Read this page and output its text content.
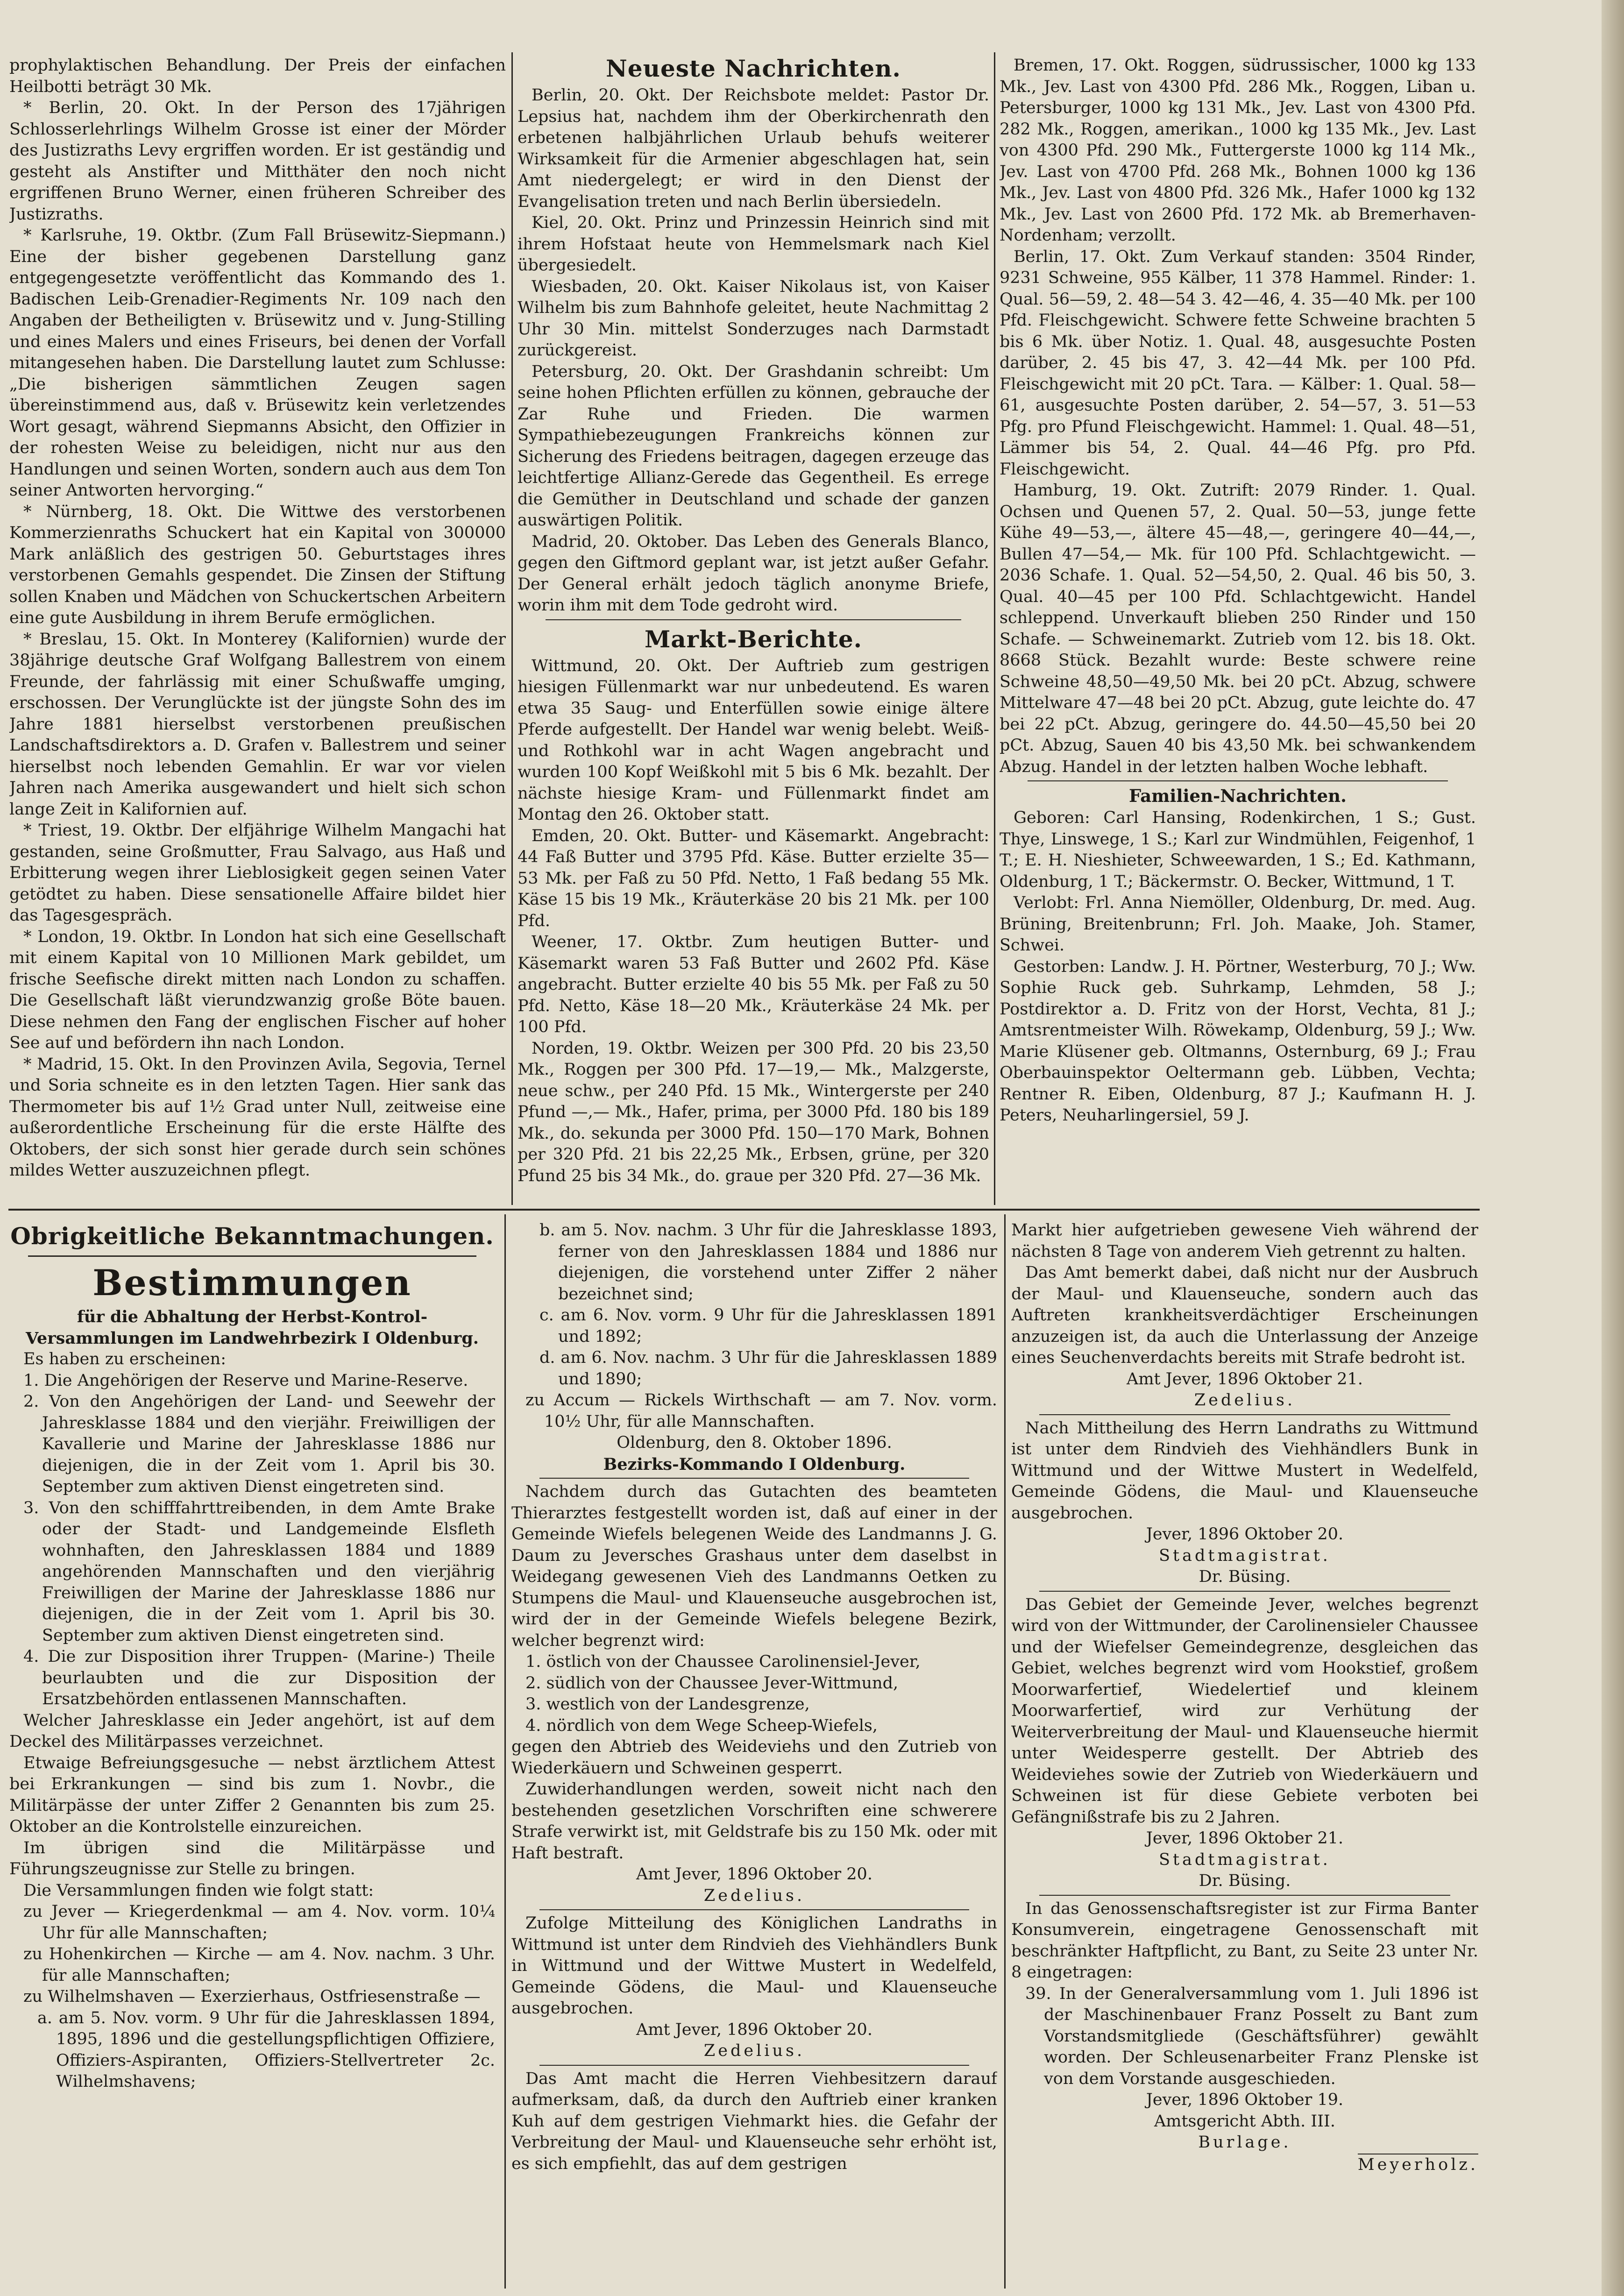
prophylaktischen Behandlung. Der Preis der einfachen Heilbotti beträgt 30 Mk.

* Berlin, 20. Okt. In der Person des 17jährigen Schlosserlehrlings Wilhelm Grosse ist einer der Mörder des Justizraths Levy ergriffen worden. Er ist geständig und gesteht als Anstifter und Mitthäter den noch nicht ergriffenen Bruno Werner, einen früheren Schreiber des Justizraths.

* Karlsruhe, 19. Oktbr. (Zum Fall Brüsewitz-Siepmann.) Eine der bisher gegebenen Darstellung ganz entgegengesetzte veröffentlicht das Kommando des 1. Badischen Leib-Grenadier-Regiments Nr. 109 nach den Angaben der Betheiligten v. Brüsewitz und v. Jung-Stilling und eines Malers und eines Friseurs, bei denen der Vorfall mitangesehen haben. Die Darstellung lautet zum Schlusse: „Die bisherigen sämmtlichen Zeugen sagen übereinstimmend aus, daß v. Brüsewitz kein verletzendes Wort gesagt, während Siepmanns Absicht, den Offizier in der rohesten Weise zu beleidigen, nicht nur aus den Handlungen und seinen Worten, sondern auch aus dem Ton seiner Antworten hervorging.“

* Nürnberg, 18. Okt. Die Wittwe des verstorbenen Kommerzienraths Schuckert hat ein Kapital von 300000 Mark anläßlich des gestrigen 50. Geburtstages ihres verstorbenen Gemahls gespendet. Die Zinsen der Stiftung sollen Knaben und Mädchen von Schuckertschen Arbeitern eine gute Ausbildung in ihrem Berufe ermöglichen.

* Breslau, 15. Okt. In Monterey (Kalifornien) wurde der 38jährige deutsche Graf Wolfgang Ballestrem von einem Freunde, der fahrlässig mit einer Schußwaffe umging, erschossen. Der Verunglückte ist der jüngste Sohn des im Jahre 1881 hierselbst verstorbenen preußischen Landschaftsdirektors a. D. Grafen v. Ballestrem und seiner hierselbst noch lebenden Gemahlin. Er war vor vielen Jahren nach Amerika ausgewandert und hielt sich schon lange Zeit in Kalifornien auf.

* Triest, 19. Oktbr. Der elfjährige Wilhelm Mangachi hat gestanden, seine Großmutter, Frau Salvago, aus Haß und Erbitterung wegen ihrer Lieblosigkeit gegen seinen Vater getödtet zu haben. Diese sensationelle Affaire bildet hier das Tagesgespräch.

* London, 19. Oktbr. In London hat sich eine Gesellschaft mit einem Kapital von 10 Millionen Mark gebildet, um frische Seefische direkt mitten nach London zu schaffen. Die Gesellschaft läßt vierundzwanzig große Böte bauen. Diese nehmen den Fang der englischen Fischer auf hoher See auf und befördern ihn nach London.

* Madrid, 15. Okt. In den Provinzen Avila, Segovia, Ternel und Soria schneite es in den letzten Tagen. Hier sank das Thermometer bis auf 1½ Grad unter Null, zeitweise eine außerordentliche Erscheinung für die erste Hälfte des Oktobers, der sich sonst hier gerade durch sein schönes mildes Wetter auszuzeichnen pflegt.

Neueste Nachrichten.

Berlin, 20. Okt. Der Reichsbote meldet: Pastor Dr. Lepsius hat, nachdem ihm der Oberkirchenrath den erbetenen halbjährlichen Urlaub behufs weiterer Wirksamkeit für die Armenier abgeschlagen hat, sein Amt niedergelegt; er wird in den Dienst der Evangelisation treten und nach Berlin übersiedeln.

Kiel, 20. Okt. Prinz und Prinzessin Heinrich sind mit ihrem Hofstaat heute von Hemmelsmark nach Kiel übergesiedelt.

Wiesbaden, 20. Okt. Kaiser Nikolaus ist, von Kaiser Wilhelm bis zum Bahnhofe geleitet, heute Nachmittag 2 Uhr 30 Min. mittelst Sonderzuges nach Darmstadt zurückgereist.

Petersburg, 20. Okt. Der Grashdanin schreibt: Um seine hohen Pflichten erfüllen zu können, gebrauche der Zar Ruhe und Frieden. Die warmen Sympathiebezeugungen Frankreichs können zur Sicherung des Friedens beitragen, dagegen erzeuge das leichtfertige Allianz-Gerede das Gegentheil. Es errege die Gemüther in Deutschland und schade der ganzen auswärtigen Politik.

Madrid, 20. Oktober. Das Leben des Generals Blanco, gegen den Giftmord geplant war, ist jetzt außer Gefahr. Der General erhält jedoch täglich anonyme Briefe, worin ihm mit dem Tode gedroht wird.

Markt-Berichte.

Wittmund, 20. Okt. Der Auftrieb zum gestrigen hiesigen Füllenmarkt war nur unbedeutend. Es waren etwa 35 Saug- und Enterfüllen sowie einige ältere Pferde aufgestellt. Der Handel war wenig belebt. Weiß- und Rothkohl war in acht Wagen angebracht und wurden 100 Kopf Weißkohl mit 5 bis 6 Mk. bezahlt. Der nächste hiesige Kram- und Füllenmarkt findet am Montag den 26. Oktober statt.

Emden, 20. Okt. Butter- und Käsemarkt. Angebracht: 44 Faß Butter und 3795 Pfd. Käse. Butter erzielte 35—53 Mk. per Faß zu 50 Pfd. Netto, 1 Faß bedang 55 Mk. Käse 15 bis 19 Mk., Kräuterkäse 20 bis 21 Mk. per 100 Pfd.

Weener, 17. Oktbr. Zum heutigen Butter- und Käsemarkt waren 53 Faß Butter und 2602 Pfd. Käse angebracht. Butter erzielte 40 bis 55 Mk. per Faß zu 50 Pfd. Netto, Käse 18—20 Mk., Kräuterkäse 24 Mk. per 100 Pfd.

Norden, 19. Oktbr. Weizen per 300 Pfd. 20 bis 23,50 Mk., Roggen per 300 Pfd. 17—19,— Mk., Malzgerste, neue schw., per 240 Pfd. 15 Mk., Wintergerste per 240 Pfund —,— Mk., Hafer, prima, per 3000 Pfd. 180 bis 189 Mk., do. sekunda per 3000 Pfd. 150—170 Mark, Bohnen per 320 Pfd. 21 bis 22,25 Mk., Erbsen, grüne, per 320 Pfund 25 bis 34 Mk., do. graue per 320 Pfd. 27—36 Mk.

Bremen, 17. Okt. Roggen, südrussischer, 1000 kg 133 Mk., Jev. Last von 4300 Pfd. 286 Mk., Roggen, Liban u. Petersburger, 1000 kg 131 Mk., Jev. Last von 4300 Pfd. 282 Mk., Roggen, amerikan., 1000 kg 135 Mk., Jev. Last von 4300 Pfd. 290 Mk., Futtergerste 1000 kg 114 Mk., Jev. Last von 4700 Pfd. 268 Mk., Bohnen 1000 kg 136 Mk., Jev. Last von 4800 Pfd. 326 Mk., Hafer 1000 kg 132 Mk., Jev. Last von 2600 Pfd. 172 Mk. ab Bremerhaven-Nordenham; verzollt.

Berlin, 17. Okt. Zum Verkauf standen: 3504 Rinder, 9231 Schweine, 955 Kälber, 11 378 Hammel. Rinder: 1. Qual. 56—59, 2. 48—54 3. 42—46, 4. 35—40 Mk. per 100 Pfd. Fleischgewicht. Schwere fette Schweine brachten 5 bis 6 Mk. über Notiz. 1. Qual. 48, ausgesuchte Posten darüber, 2. 45 bis 47, 3. 42—44 Mk. per 100 Pfd. Fleischgewicht mit 20 pCt. Tara. — Kälber: 1. Qual. 58—61, ausgesuchte Posten darüber, 2. 54—57, 3. 51—53 Pfg. pro Pfund Fleischgewicht. Hammel: 1. Qual. 48—51, Lämmer bis 54, 2. Qual. 44—46 Pfg. pro Pfd. Fleischgewicht.

Hamburg, 19. Okt. Zutrift: 2079 Rinder. 1. Qual. Ochsen und Quenen 57, 2. Qual. 50—53, junge fette Kühe 49—53,—, ältere 45—48,—, geringere 40—44,—, Bullen 47—54,— Mk. für 100 Pfd. Schlachtgewicht. — 2036 Schafe. 1. Qual. 52—54,50, 2. Qual. 46 bis 50, 3. Qual. 40—45 per 100 Pfd. Schlachtgewicht. Handel schleppend. Unverkauft blieben 250 Rinder und 150 Schafe. — Schweinemarkt. Zutrieb vom 12. bis 18. Okt. 8668 Stück. Bezahlt wurde: Beste schwere reine Schweine 48,50—49,50 Mk. bei 20 pCt. Abzug, schwere Mittelware 47—48 bei 20 pCt. Abzug, gute leichte do. 47 bei 22 pCt. Abzug, geringere do. 44.50—45,50 bei 20 pCt. Abzug, Sauen 40 bis 43,50 Mk. bei schwankendem Abzug. Handel in der letzten halben Woche lebhaft.

Familien-Nachrichten.

Geboren: Carl Hansing, Rodenkirchen, 1 S.; Gust. Thye, Linswege, 1 S.; Karl zur Windmühlen, Feigenhof, 1 T.; E. H. Nieshieter, Schweewarden, 1 S.; Ed. Kathmann, Oldenburg, 1 T.; Bäckermstr. O. Becker, Wittmund, 1 T.

Verlobt: Frl. Anna Niemöller, Oldenburg, Dr. med. Aug. Brüning, Breitenbrunn; Frl. Joh. Maake, Joh. Stamer, Schwei.

Gestorben: Landw. J. H. Pörtner, Westerburg, 70 J.; Ww. Sophie Ruck geb. Suhrkamp, Lehmden, 58 J.; Postdirektor a. D. Fritz von der Horst, Vechta, 81 J.; Amtsrentmeister Wilh. Röwekamp, Oldenburg, 59 J.; Ww. Marie Klüsener geb. Oltmanns, Osternburg, 69 J.; Frau Oberbauinspektor Oeltermann geb. Lübben, Vechta; Rentner R. Eiben, Oldenburg, 87 J.; Kaufmann H. J. Peters, Neuharlingersiel, 59 J.

Obrigkeitliche Bekanntmachungen.
Bestimmungen

für die Abhaltung der Herbst-Kontrol-Versammlungen im Landwehrbezirk I Oldenburg.

Es haben zu erscheinen:

1. Die Angehörigen der Reserve und Marine-Reserve.

2. Von den Angehörigen der Land- und Seewehr der Jahresklasse 1884 und den vierjähr. Freiwilligen der Kavallerie und Marine der Jahresklasse 1886 nur diejenigen, die in der Zeit vom 1. April bis 30. September zum aktiven Dienst eingetreten sind.

3. Von den schifffahrttreibenden, in dem Amte Brake oder der Stadt- und Landgemeinde Elsfleth wohnhaften, den Jahresklassen 1884 und 1889 angehörenden Mannschaften und den vierjährig Freiwilligen der Marine der Jahresklasse 1886 nur diejenigen, die in der Zeit vom 1. April bis 30. September zum aktiven Dienst eingetreten sind.

4. Die zur Disposition ihrer Truppen- (Marine-) Theile beurlaubten und die zur Disposition der Ersatzbehörden entlassenen Mannschaften.

Welcher Jahresklasse ein Jeder angehört, ist auf dem Deckel des Militärpasses verzeichnet.

Etwaige Befreiungsgesuche — nebst ärztlichem Attest bei Erkrankungen — sind bis zum 1. Novbr., die Militärpässe der unter Ziffer 2 Genannten bis zum 25. Oktober an die Kontrolstelle einzureichen.

Im übrigen sind die Militärpässe und Führungszeugnisse zur Stelle zu bringen.

Die Versammlungen finden wie folgt statt:

zu Jever — Kriegerdenkmal — am 4. Nov. vorm. 10¼ Uhr für alle Mannschaften;

zu Hohenkirchen — Kirche — am 4. Nov. nachm. 3 Uhr. für alle Mannschaften;

zu Wilhelmshaven — Exerzierhaus, Ostfriesenstraße —

a. am 5. Nov. vorm. 9 Uhr für die Jahresklassen 1894, 1895, 1896 und die gestellungspflichtigen Offiziere, Offiziers-Aspiranten, Offiziers-Stellvertreter 2c. Wilhelmshavens;

b. am 5. Nov. nachm. 3 Uhr für die Jahresklasse 1893, ferner von den Jahresklassen 1884 und 1886 nur diejenigen, die vorstehend unter Ziffer 2 näher bezeichnet sind;

c. am 6. Nov. vorm. 9 Uhr für die Jahresklassen 1891 und 1892;

d. am 6. Nov. nachm. 3 Uhr für die Jahresklassen 1889 und 1890;

zu Accum — Rickels Wirthschaft — am 7. Nov. vorm. 10½ Uhr, für alle Mannschaften.

Oldenburg, den 8. Oktober 1896.

Bezirks-Kommando I Oldenburg.

Nachdem durch das Gutachten des beamteten Thierarztes festgestellt worden ist, daß auf einer in der Gemeinde Wiefels belegenen Weide des Landmanns J. G. Daum zu Jeversches Grashaus unter dem daselbst in Weidegang gewesenen Vieh des Landmanns Oetken zu Stumpens die Maul- und Klauenseuche ausgebrochen ist, wird der in der Gemeinde Wiefels belegene Bezirk, welcher begrenzt wird:

1. östlich von der Chaussee Carolinensiel-Jever,

2. südlich von der Chaussee Jever-Wittmund,

3. westlich von der Landesgrenze,

4. nördlich von dem Wege Scheep-Wiefels,

gegen den Abtrieb des Weideviehs und den Zutrieb von Wiederkäuern und Schweinen gesperrt.

Zuwiderhandlungen werden, soweit nicht nach den bestehenden gesetzlichen Vorschriften eine schwerere Strafe verwirkt ist, mit Geldstrafe bis zu 150 Mk. oder mit Haft bestraft.

Amt Jever, 1896 Oktober 20.

Zedelius.

Zufolge Mitteilung des Königlichen Landraths in Wittmund ist unter dem Rindvieh des Viehhändlers Bunk in Wittmund und der Wittwe Mustert in Wedelfeld, Gemeinde Gödens, die Maul- und Klauenseuche ausgebrochen.

Amt Jever, 1896 Oktober 20.

Zedelius.

Das Amt macht die Herren Viehbesitzern darauf aufmerksam, daß, da durch den Auftrieb einer kranken Kuh auf dem gestrigen Viehmarkt hies. die Gefahr der Verbreitung der Maul- und Klauenseuche sehr erhöht ist, es sich empfiehlt, das auf dem gestrigen

Markt hier aufgetrieben gewesene Vieh während der nächsten 8 Tage von anderem Vieh getrennt zu halten.

Das Amt bemerkt dabei, daß nicht nur der Ausbruch der Maul- und Klauenseuche, sondern auch das Auftreten krankheitsverdächtiger Erscheinungen anzuzeigen ist, da auch die Unterlassung der Anzeige eines Seuchenverdachts bereits mit Strafe bedroht ist.

Amt Jever, 1896 Oktober 21.

Zedelius.

Nach Mittheilung des Herrn Landraths zu Wittmund ist unter dem Rindvieh des Viehhändlers Bunk in Wittmund und der Wittwe Mustert in Wedelfeld, Gemeinde Gödens, die Maul- und Klauenseuche ausgebrochen.

Jever, 1896 Oktober 20.

Stadtmagistrat.

Dr. Büsing.

Das Gebiet der Gemeinde Jever, welches begrenzt wird von der Wittmunder, der Carolinensieler Chaussee und der Wiefelser Gemeindegrenze, desgleichen das Gebiet, welches begrenzt wird vom Hookstief, großem Moorwarfertief, Wiedelertief und kleinem Moorwarfertief, wird zur Verhütung der Weiterverbreitung der Maul- und Klauenseuche hiermit unter Weidesperre gestellt. Der Abtrieb des Weideviehes sowie der Zutrieb von Wiederkäuern und Schweinen ist für diese Gebiete verboten bei Gefängnißstrafe bis zu 2 Jahren.

Jever, 1896 Oktober 21.

Stadtmagistrat.

Dr. Büsing.

In das Genossenschaftsregister ist zur Firma Banter Konsumverein, eingetragene Genossenschaft mit beschränkter Haftpflicht, zu Bant, zu Seite 23 unter Nr. 8 eingetragen:

39. In der Generalversammlung vom 1. Juli 1896 ist der Maschinenbauer Franz Posselt zu Bant zum Vorstandsmitgliede (Geschäftsführer) gewählt worden. Der Schleusenarbeiter Franz Plenske ist von dem Vorstande ausgeschieden.

Jever, 1896 Oktober 19.

Amtsgericht Abth. III.

Burlage.

Meyerholz.
